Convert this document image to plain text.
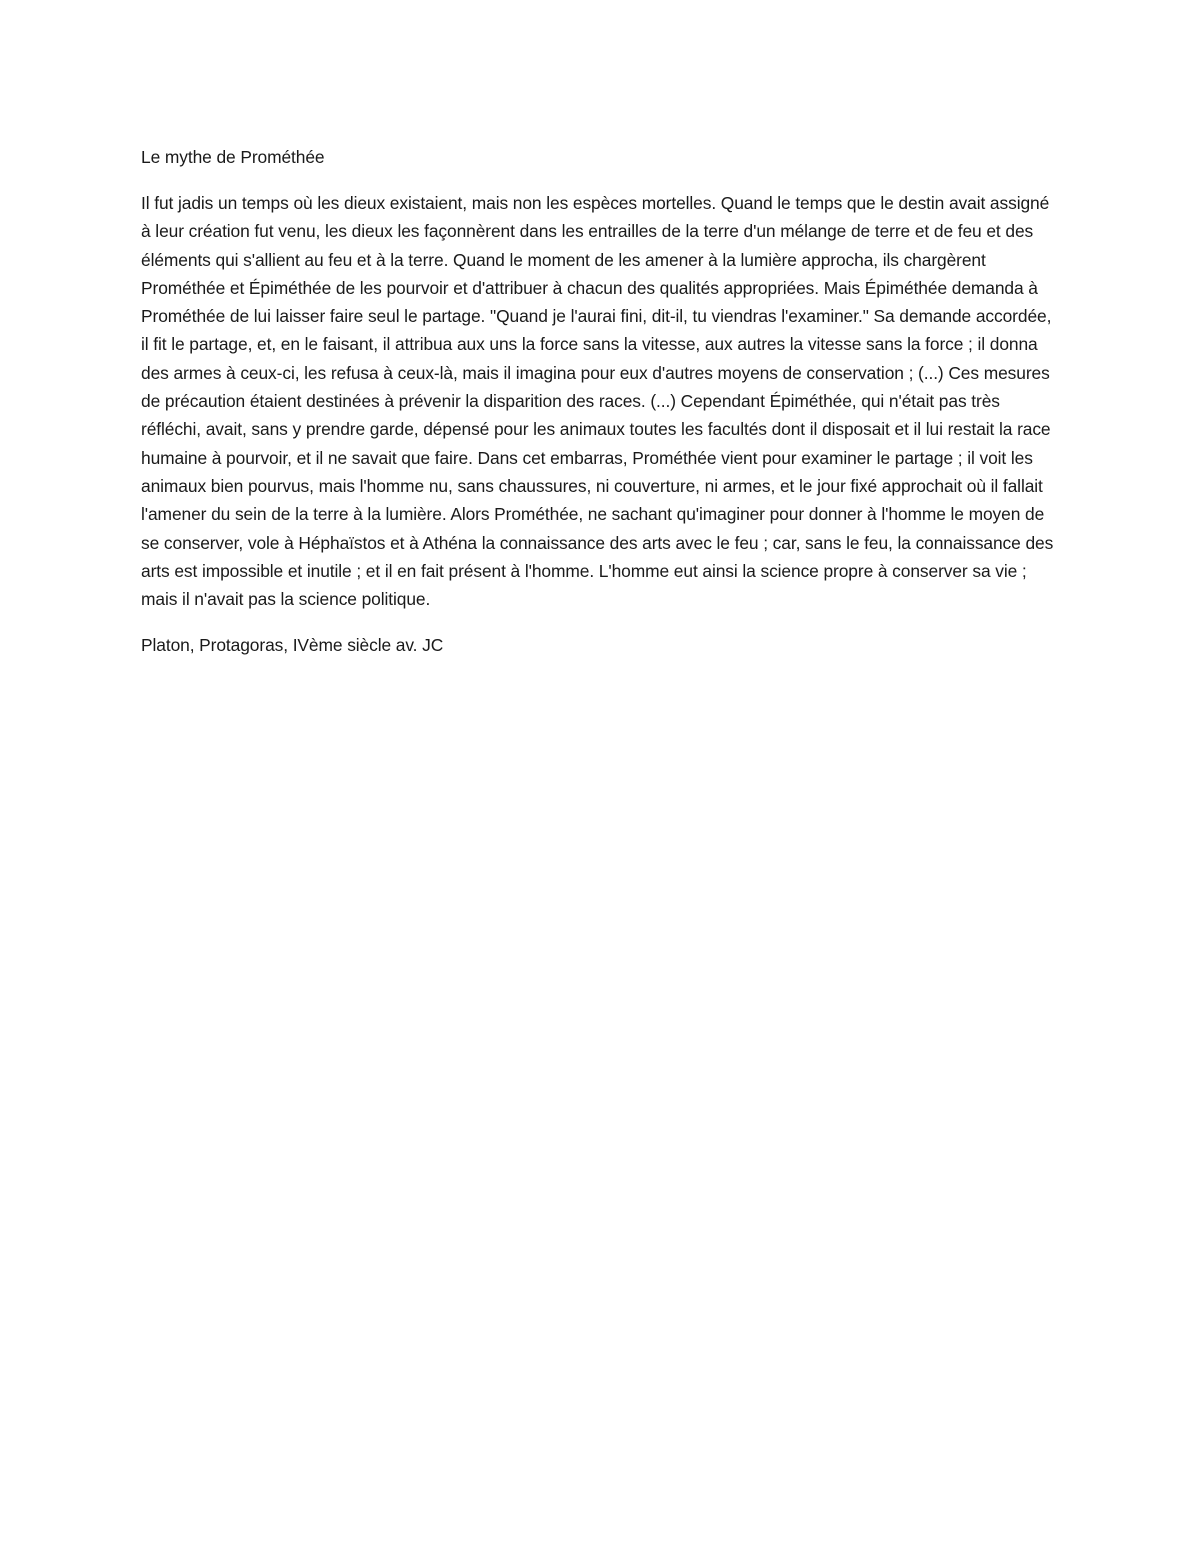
Le mythe de Prométhée

Il fut jadis un temps où les dieux existaient, mais non les espèces mortelles. Quand le temps que le destin avait assigné à leur création fut venu, les dieux les façonnèrent dans les entrailles de la terre d'un mélange de terre et de feu et des éléments qui s'allient au feu et à la terre. Quand le moment de les amener à la lumière approcha, ils chargèrent Prométhée et Épiméthée de les pourvoir et d'attribuer à chacun des qualités appropriées. Mais Épiméthée demanda à Prométhée de lui laisser faire seul le partage. "Quand je l'aurai fini, dit-il, tu viendras l'examiner." Sa demande accordée, il fit le partage, et, en le faisant, il attribua aux uns la force sans la vitesse, aux autres la vitesse sans la force ; il donna des armes à ceux-ci, les refusa à ceux-là, mais il imagina pour eux d'autres moyens de conservation ; (...) Ces mesures de précaution étaient destinées à prévenir la disparition des races. (...) Cependant Épiméthée, qui n'était pas très réfléchi, avait, sans y prendre garde, dépensé pour les animaux toutes les facultés dont il disposait et il lui restait la race humaine à pourvoir, et il ne savait que faire. Dans cet embarras, Prométhée vient pour examiner le partage ; il voit les animaux bien pourvus, mais l'homme nu, sans chaussures, ni couverture, ni armes, et le jour fixé approchait où il fallait l'amener du sein de la terre à la lumière. Alors Prométhée, ne sachant qu'imaginer pour donner à l'homme le moyen de se conserver, vole à Héphaïstos et à Athéna la connaissance des arts avec le feu ; car, sans le feu, la connaissance des arts est impossible et inutile ; et il en fait présent à l'homme. L'homme eut ainsi la science propre à conserver sa vie ; mais il n'avait pas la science politique.

Platon, Protagoras, IVème siècle av. JC
